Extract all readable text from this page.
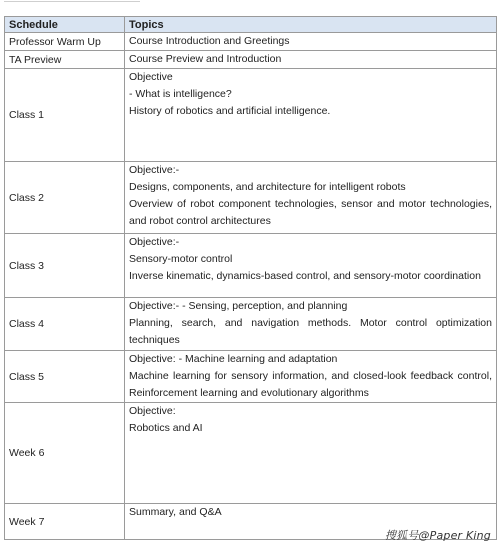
Schedule	Topics
Professor Warm Up	Course Introduction and Greetings

TA Preview	Course Preview and Introduction

Class 1	Objective
- What is intelligence?
History of robotics and artificial intelligence.

Class 2	Objective:-
Designs, components, and architecture for intelligent robots
Overview of robot component technologies, sensor and motor technologies, and robot control architectures

Class 3	Objective:-
Sensory-motor control
Inverse kinematic, dynamics-based control, and sensory-motor coordination

Class 4	Objective:- - Sensing, perception, and planning
Planning, search, and navigation methods. Motor control optimization techniques

Class 5	Objective: - Machine learning and adaptation
Machine learning for sensory information, and closed-look feedback control, Reinforcement learning and evolutionary algorithms

Week 6	Objective:
Robotics and AI

Week 7	Summary, and Q&A
搜狐号@Paper King
